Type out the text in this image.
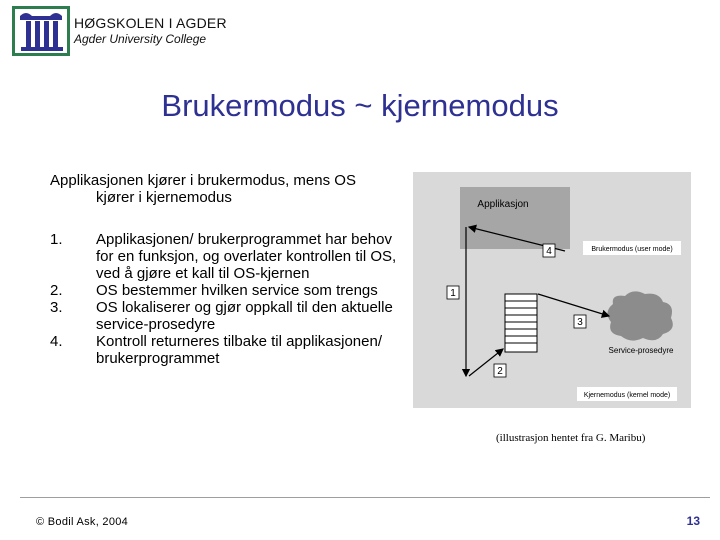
HØGSKOLEN I AGDER
Agder University College
Brukermodus ~ kjernemodus
Applikasjonen kjører i brukermodus, mens OS
kjører i kjernemodus
1. Applikasjonen/ brukerprogrammet har behov for en funksjon, og overlater kontrollen til OS, ved å gjøre et kall til OS-kjernen
2. OS bestemmer hvilken service som trengs
3. OS lokaliserer og gjør oppkall til den aktuelle service-prosedyre
4. Kontroll returneres tilbake til applikasjonen/ brukerprogrammet
Applikasjon
Brukermodus (user mode)
Kjernemodus (kernel mode)
Service-prosedyre
1
2
3
4
(illustrasjon hentet fra G. Maribu)
© Bodil Ask, 2004	13
